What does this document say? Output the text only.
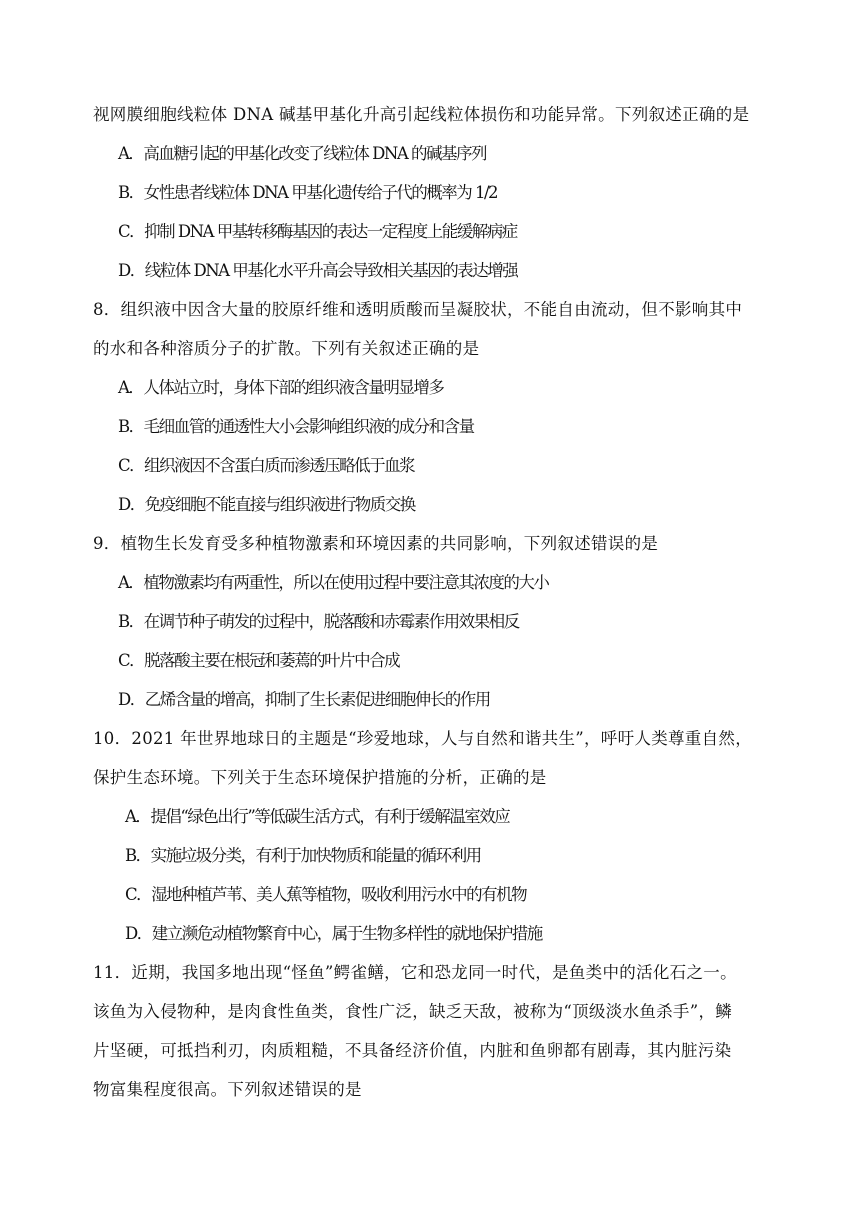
视网膜细胞线粒体 DNA 碱基甲基化升高引起线粒体损伤和功能异常。下列叙述正确的是
A．高血糖引起的甲基化改变了线粒体 DNA 的碱基序列
B．女性患者线粒体 DNA 甲基化遗传给子代的概率为 1/2
C．抑制 DNA 甲基转移酶基因的表达一定程度上能缓解病症
D．线粒体 DNA 甲基化水平升高会导致相关基因的表达增强
8．组织液中因含大量的胶原纤维和透明质酸而呈凝胶状，不能自由流动，但不影响其中
的水和各种溶质分子的扩散。下列有关叙述正确的是
A．人体站立时，身体下部的组织液含量明显增多
B．毛细血管的通透性大小会影响组织液的成分和含量
C．组织液因不含蛋白质而渗透压略低于血浆
D．免疫细胞不能直接与组织液进行物质交换
9．植物生长发育受多种植物激素和环境因素的共同影响，下列叙述错误的是
A．植物激素均有两重性，所以在使用过程中要注意其浓度的大小
B．在调节种子萌发的过程中，脱落酸和赤霉素作用效果相反
C．脱落酸主要在根冠和萎蔫的叶片中合成
D．乙烯含量的增高，抑制了生长素促进细胞伸长的作用
10．2021 年世界地球日的主题是“珍爱地球，人与自然和谐共生”，呼吁人类尊重自然，
保护生态环境。下列关于生态环境保护措施的分析，正确的是
A．提倡“绿色出行”等低碳生活方式，有利于缓解温室效应
B．实施垃圾分类，有利于加快物质和能量的循环利用
C．湿地种植芦苇、美人蕉等植物，吸收利用污水中的有机物
D．建立濒危动植物繁育中心，属于生物多样性的就地保护措施
11．近期，我国多地出现“怪鱼”鳄雀鳝，它和恐龙同一时代，是鱼类中的活化石之一。
该鱼为入侵物种，是肉食性鱼类，食性广泛，缺乏天敌，被称为“顶级淡水鱼杀手”，鳞
片坚硬，可抵挡利刃，肉质粗糙，不具备经济价值，内脏和鱼卵都有剧毒，其内脏污染
物富集程度很高。下列叙述错误的是
